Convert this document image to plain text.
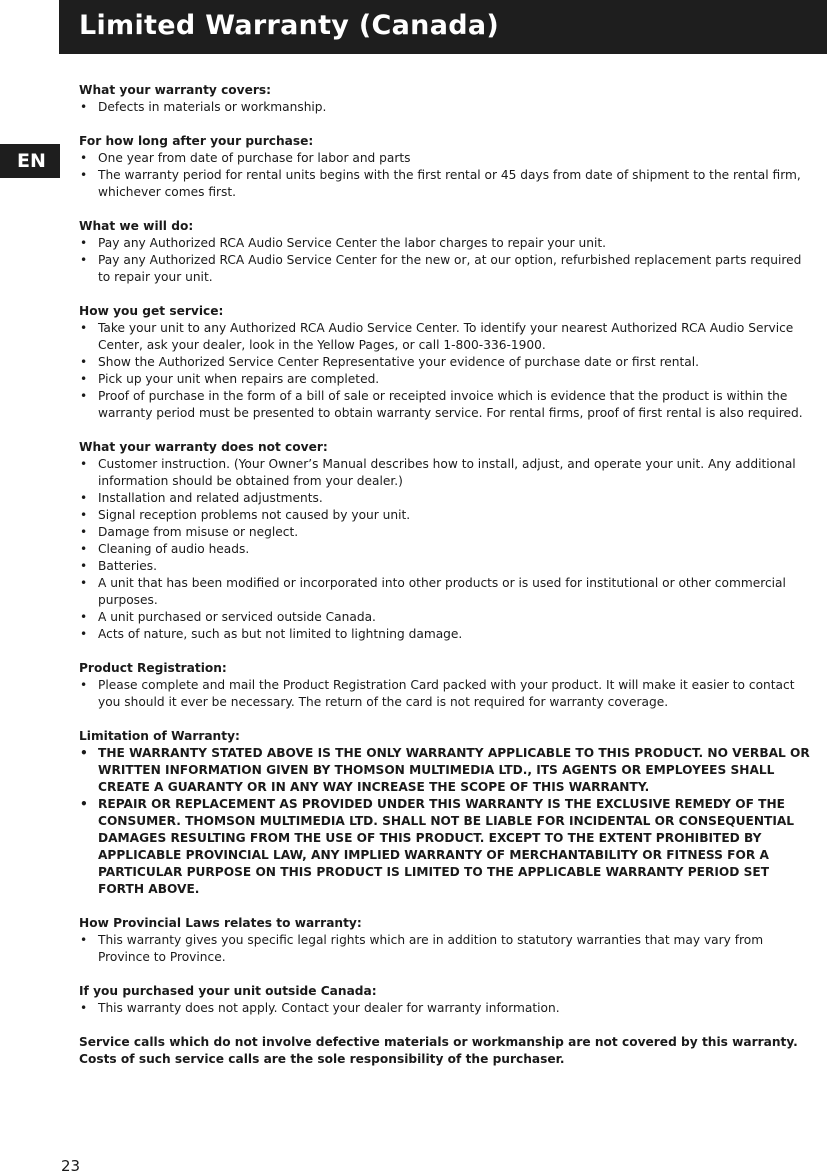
Limited Warranty (Canada)
EN
What your warranty covers:
• Defects in materials or workmanship.
For how long after your purchase:
• One year from date of purchase for labor and parts
• The warranty period for rental units begins with the first rental or 45 days from date of shipment to the rental firm, whichever comes first.
What we will do:
• Pay any Authorized RCA Audio Service Center the labor charges to repair your unit.
• Pay any Authorized RCA Audio Service Center for the new or, at our option, refurbished replacement parts required to repair your unit.
How you get service:
• Take your unit to any Authorized RCA Audio Service Center. To identify your nearest Authorized RCA Audio Service Center, ask your dealer, look in the Yellow Pages, or call 1-800-336-1900.
• Show the Authorized Service Center Representative your evidence of purchase date or first rental.
• Pick up your unit when repairs are completed.
• Proof of purchase in the form of a bill of sale or receipted invoice which is evidence that the product is within the warranty period must be presented to obtain warranty service. For rental firms, proof of first rental is also required.
What your warranty does not cover:
• Customer instruction. (Your Owner’s Manual describes how to install, adjust, and operate your unit. Any additional information should be obtained from your dealer.)
• Installation and related adjustments.
• Signal reception problems not caused by your unit.
• Damage from misuse or neglect.
• Cleaning of audio heads.
• Batteries.
• A unit that has been modified or incorporated into other products or is used for institutional or other commercial purposes.
• A unit purchased or serviced outside Canada.
• Acts of nature, such as but not limited to lightning damage.
Product Registration:
• Please complete and mail the Product Registration Card packed with your product. It will make it easier to contact you should it ever be necessary. The return of the card is not required for warranty coverage.
Limitation of Warranty:
• THE WARRANTY STATED ABOVE IS THE ONLY WARRANTY APPLICABLE TO THIS PRODUCT. NO VERBAL OR WRITTEN INFORMATION GIVEN BY THOMSON MULTIMEDIA LTD., ITS AGENTS OR EMPLOYEES SHALL CREATE A GUARANTY OR IN ANY WAY INCREASE THE SCOPE OF THIS WARRANTY.
• REPAIR OR REPLACEMENT AS PROVIDED UNDER THIS WARRANTY IS THE EXCLUSIVE REMEDY OF THE CONSUMER. THOMSON MULTIMEDIA LTD. SHALL NOT BE LIABLE FOR INCIDENTAL OR CONSEQUENTIAL DAMAGES RESULTING FROM THE USE OF THIS PRODUCT. EXCEPT TO THE EXTENT PROHIBITED BY APPLICABLE PROVINCIAL LAW, ANY IMPLIED WARRANTY OF MERCHANTABILITY OR FITNESS FOR A PARTICULAR PURPOSE ON THIS PRODUCT IS LIMITED TO THE APPLICABLE WARRANTY PERIOD SET FORTH ABOVE.
How Provincial Laws relates to warranty:
• This warranty gives you specific legal rights which are in addition to statutory warranties that may vary from Province to Province.
If you purchased your unit outside Canada:
• This warranty does not apply. Contact your dealer for warranty information.
Service calls which do not involve defective materials or workmanship are not covered by this warranty. Costs of such service calls are the sole responsibility of the purchaser.
23
